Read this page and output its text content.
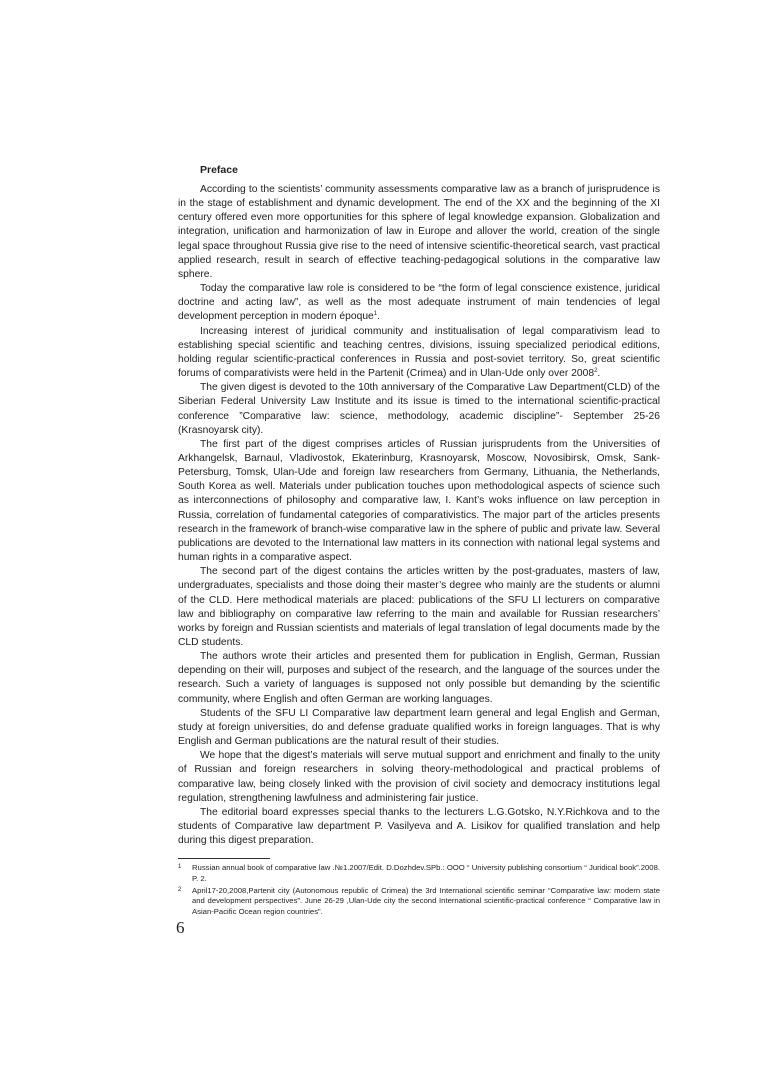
Preface

According to the scientists’ community assessments comparative law as a branch of jurisprudence is in the stage of establishment and dynamic development. The end of the XX and the beginning of the XI century offered even more opportunities for this sphere of legal knowledge expansion. Globalization and integration, unification and harmonization of law in Europe and allover the world, creation of the single legal space throughout Russia give rise to the need of intensive scientific-theoretical search, vast practical applied research, result in search of effective teaching-pedagogical solutions in the comparative law sphere.

Today the comparative law role is considered to be “the form of legal conscience existence, juridical doctrine and acting law”, as well as the most adequate instrument of main tendencies of legal development perception in modern époque$^1$.

Increasing interest of juridical community and institualisation of legal comparativism lead to establishing special scientific and teaching centres, divisions, issuing specialized periodical editions, holding regular scientific-practical conferences in Russia and post-soviet territory. So, great scientific forums of comparativists were held in the Partenit (Crimea) and in Ulan-Ude only over 2008$^2$.

The given digest is devoted to the 10th anniversary of the Comparative Law Department(CLD) of the Siberian Federal University Law Institute and its issue is timed to the international scientific-practical conference ”Comparative law: science, methodology, academic discipline”- September 25-26 (Krasnoyarsk city).

The first part of the digest comprises articles of Russian jurisprudents from the Universities of Arkhangelsk, Barnaul, Vladivostok, Ekaterinburg, Krasnoyarsk, Moscow, Novosibirsk, Omsk, Sank-Petersburg, Tomsk, Ulan-Ude and foreign law researchers from Germany, Lithuania, the Netherlands, South Korea as well. Materials under publication touches upon methodological aspects of science such as interconnections of philosophy and comparative law, I. Kant’s woks influence on law perception in Russia, correlation of fundamental categories of comparativistics. The major part of the articles presents research in the framework of branch-wise comparative law in the sphere of public and private law. Several publications are devoted to the International law matters in its connection with national legal systems and human rights in a comparative aspect.

The second part of the digest contains the articles written by the post-graduates, masters of law, undergraduates, specialists and those doing their master’s degree who mainly are the students or alumni of the CLD. Here methodical materials are placed: publications of the SFU LI lecturers on comparative law and bibliography on comparative law referring to the main and available for Russian researchers’ works by foreign and Russian scientists and materials of legal translation of legal documents made by the CLD students.

The authors wrote their articles and presented them for publication in English, German, Russian depending on their will, purposes and subject of the research, and the language of the sources under the research. Such a variety of languages is supposed not only possible but demanding by the scientific community, where English and often German are working languages.

Students of the SFU LI Comparative law department learn general and legal English and German, study at foreign universities, do and defense graduate qualified works in foreign languages. That is why English and German publications are the natural result of their studies.

We hope that the digest’s materials will serve mutual support and enrichment and finally to the unity of Russian and foreign researchers in solving theory-methodological and practical problems of comparative law, being closely linked with the provision of civil society and democracy institutions legal regulation, strengthening lawfulness and administering fair justice.

The editorial board expresses special thanks to the lecturers L.G.Gotsko, N.Y.Richkova and to the students of Comparative law department P. Vasilyeva and A. Lisikov for qualified translation and help during this digest preparation.

1 Russian annual book of comparative law .№1.2007/Edit. D.Dozhdev.SPb.: OOO “ University publishing consortium “ Juridical book”.2008. P. 2.
2 April17-20,2008,Partenit city (Autonomous republic of Crimea) the 3rd International scientific seminar “Comparative law: modern state and development perspectives”. June 26-29 ,Ulan-Ude city the second International scientific-practical conference “ Comparative law in Asian-Pacific Ocean region countries”.
6
